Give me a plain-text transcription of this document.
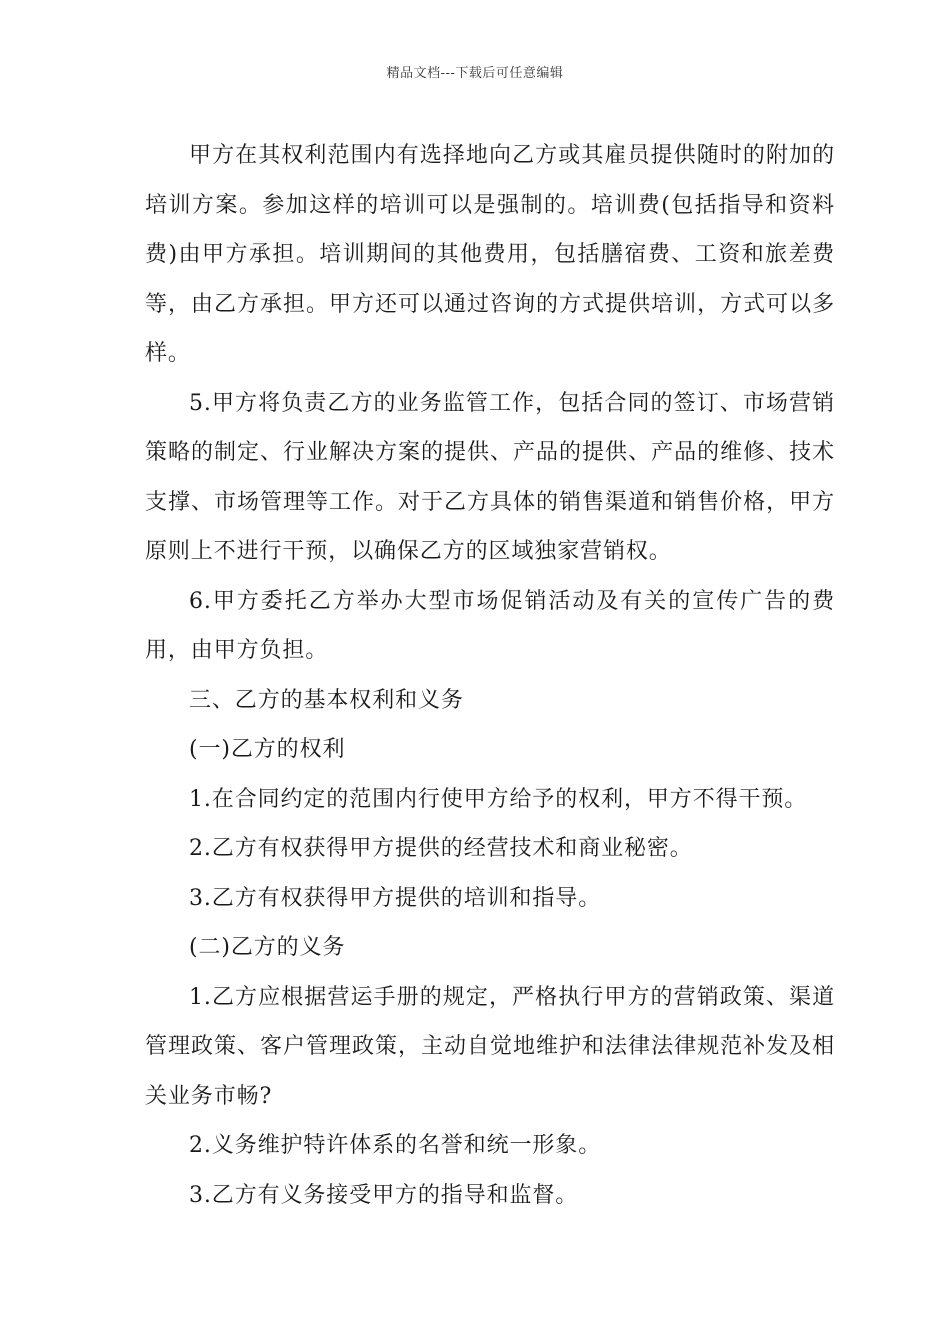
精品文档---下载后可任意编辑

甲方在其权利范围内有选择地向乙方或其雇员提供随时的附加的培训方案。参加这样的培训可以是强制的。培训费(包括指导和资料费)由甲方承担。培训期间的其他费用，包括膳宿费、工资和旅差费等，由乙方承担。甲方还可以通过咨询的方式提供培训，方式可以多样。

5.甲方将负责乙方的业务监管工作，包括合同的签订、市场营销策略的制定、行业解决方案的提供、产品的提供、产品的维修、技术支撑、市场管理等工作。对于乙方具体的销售渠道和销售价格，甲方原则上不进行干预，以确保乙方的区域独家营销权。

6.甲方委托乙方举办大型市场促销活动及有关的宣传广告的费用，由甲方负担。

三、乙方的基本权利和义务

(一)乙方的权利

1.在合同约定的范围内行使甲方给予的权利，甲方不得干预。

2.乙方有权获得甲方提供的经营技术和商业秘密。

3.乙方有权获得甲方提供的培训和指导。

(二)乙方的义务

1.乙方应根据营运手册的规定，严格执行甲方的营销政策、渠道管理政策、客户管理政策，主动自觉地维护和法律法律规范补发及相关业务市畅?

2.义务维护特许体系的名誉和统一形象。

3.乙方有义务接受甲方的指导和监督。
